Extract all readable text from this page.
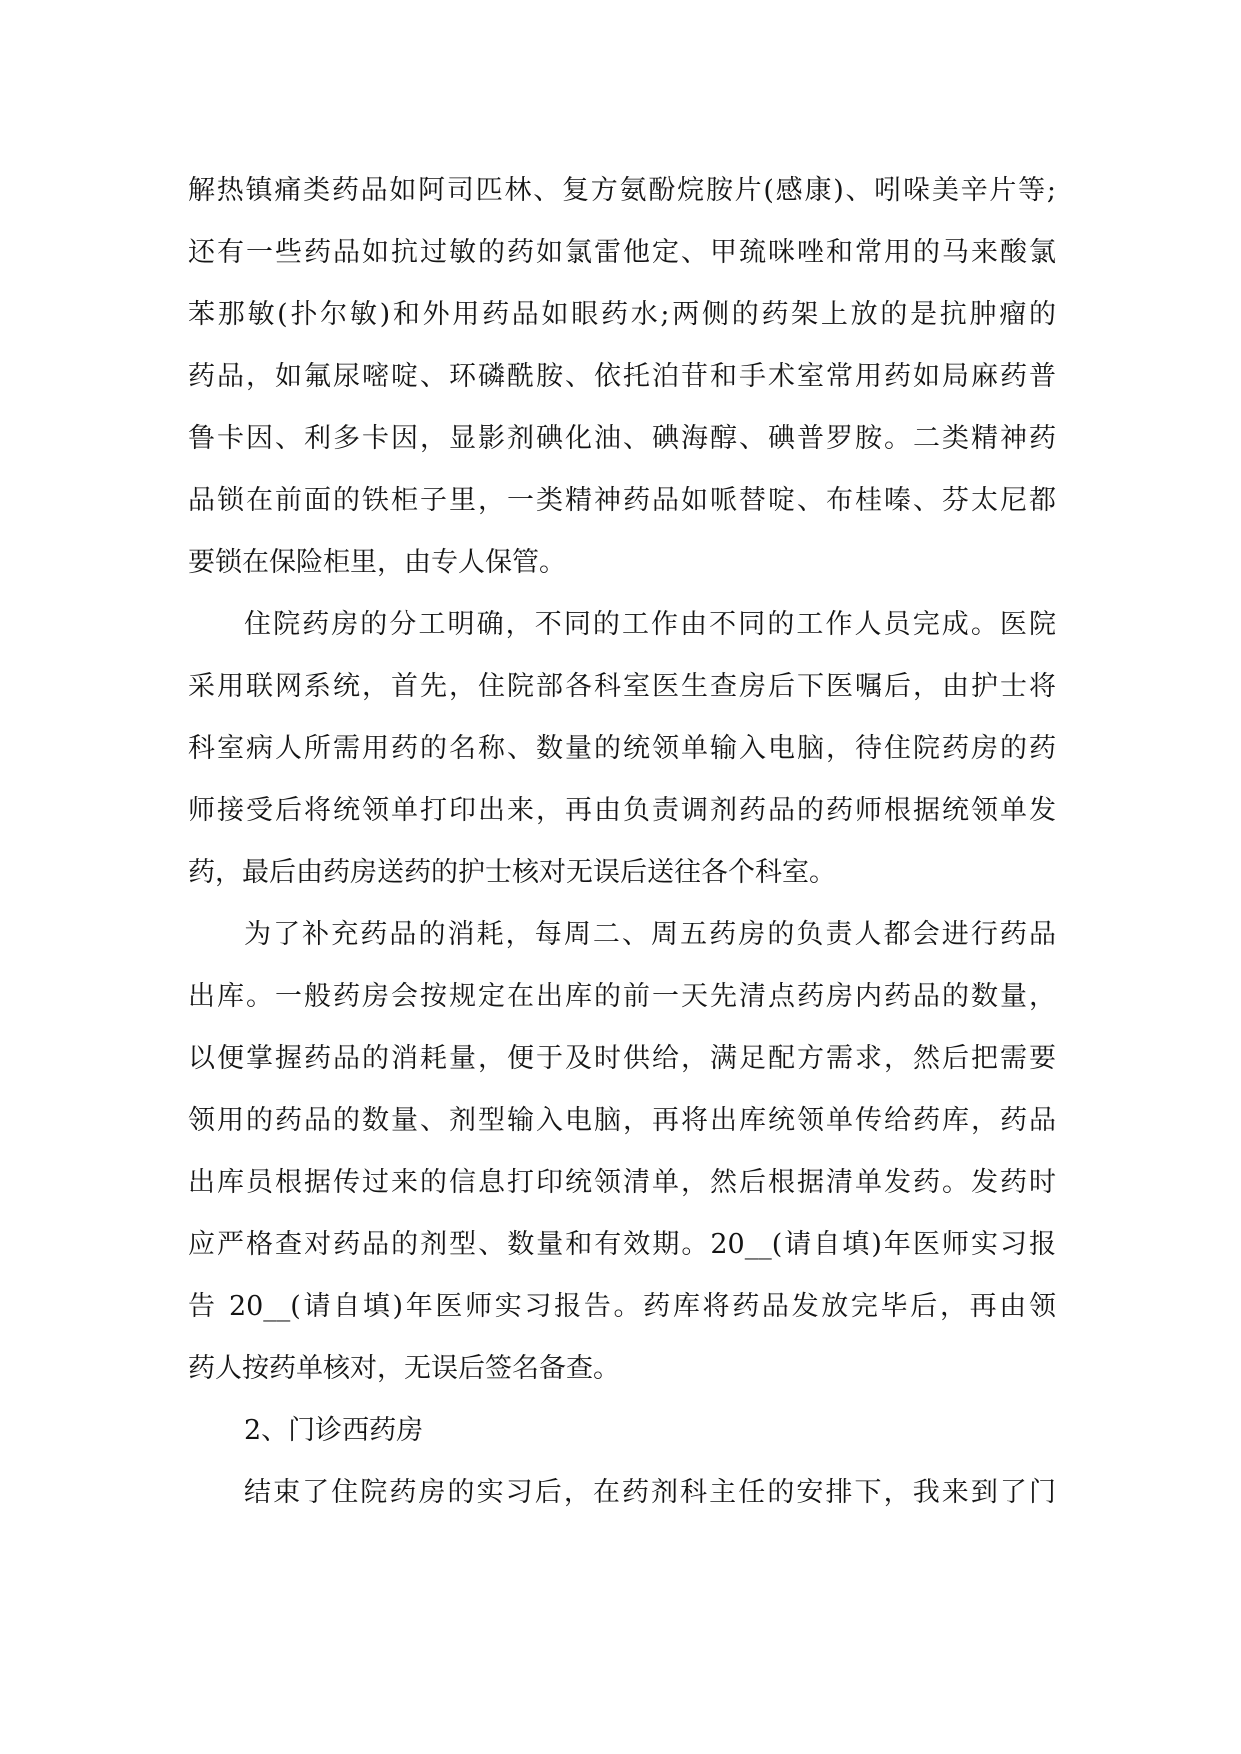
解热镇痛类药品如阿司匹林、复方氨酚烷胺片(感康)、吲哚美辛片等;
还有一些药品如抗过敏的药如氯雷他定、甲巯咪唑和常用的马来酸氯
苯那敏(扑尔敏)和外用药品如眼药水;两侧的药架上放的是抗肿瘤的
药品，如氟尿嘧啶、环磷酰胺、依托泊苷和手术室常用药如局麻药普
鲁卡因、利多卡因，显影剂碘化油、碘海醇、碘普罗胺。二类精神药
品锁在前面的铁柜子里，一类精神药品如哌替啶、布桂嗪、芬太尼都
要锁在保险柜里，由专人保管。
住院药房的分工明确，不同的工作由不同的工作人员完成。医院
采用联网系统，首先，住院部各科室医生查房后下医嘱后，由护士将
科室病人所需用药的名称、数量的统领单输入电脑，待住院药房的药
师接受后将统领单打印出来，再由负责调剂药品的药师根据统领单发
药，最后由药房送药的护士核对无误后送往各个科室。
为了补充药品的消耗，每周二、周五药房的负责人都会进行药品
出库。一般药房会按规定在出库的前一天先清点药房内药品的数量，
以便掌握药品的消耗量，便于及时供给，满足配方需求，然后把需要
领用的药品的数量、剂型输入电脑，再将出库统领单传给药库，药品
出库员根据传过来的信息打印统领清单，然后根据清单发药。发药时
应严格查对药品的剂型、数量和有效期。20__(请自填)年医师实习报
告 20__(请自填)年医师实习报告。药库将药品发放完毕后，再由领
药人按药单核对，无误后签名备查。
2、门诊西药房
结束了住院药房的实习后，在药剂科主任的安排下，我来到了门
